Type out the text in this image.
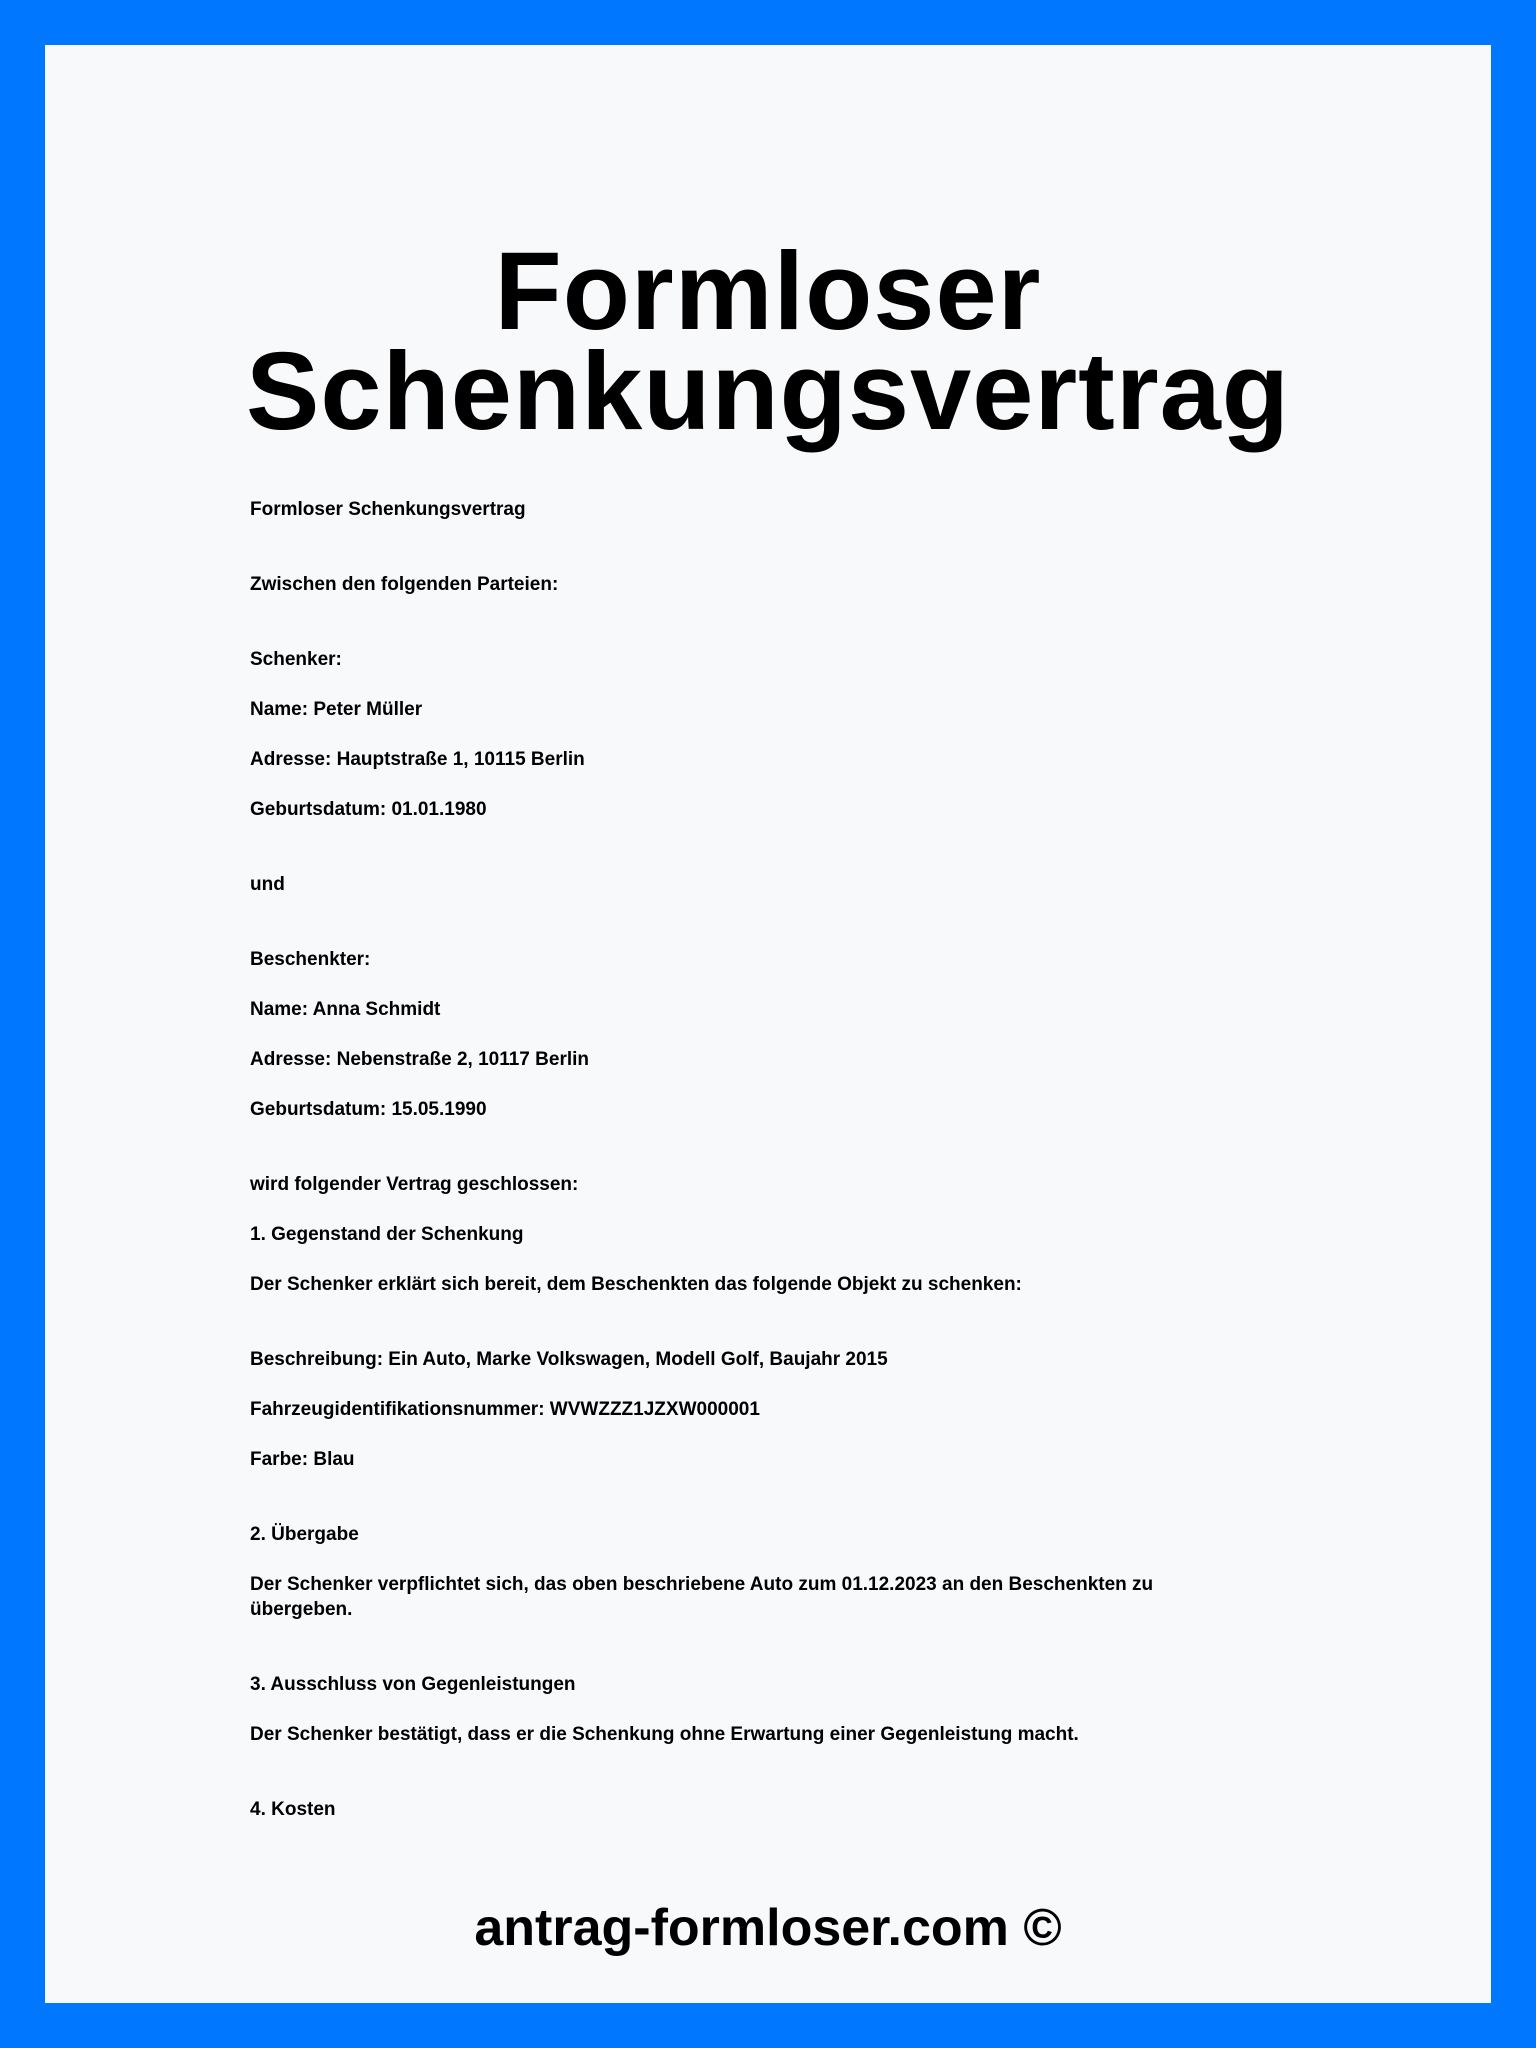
Formloser
Schenkungsvertrag

Formloser Schenkungsvertrag

Zwischen den folgenden Parteien:

Schenker:

Name: Peter Müller

Adresse: Hauptstraße 1, 10115 Berlin

Geburtsdatum: 01.01.1980

und

Beschenkter:

Name: Anna Schmidt

Adresse: Nebenstraße 2, 10117 Berlin

Geburtsdatum: 15.05.1990

wird folgender Vertrag geschlossen:

1. Gegenstand der Schenkung

Der Schenker erklärt sich bereit, dem Beschenkten das folgende Objekt zu schenken:

Beschreibung: Ein Auto, Marke Volkswagen, Modell Golf, Baujahr 2015

Fahrzeugidentifikationsnummer: WVWZZZ1JZXW000001

Farbe: Blau

2. Übergabe

Der Schenker verpflichtet sich, das oben beschriebene Auto zum 01.12.2023 an den Beschenkten zu übergeben.

3. Ausschluss von Gegenleistungen

Der Schenker bestätigt, dass er die Schenkung ohne Erwartung einer Gegenleistung macht.

4. Kosten

antrag-formloser.com ©
